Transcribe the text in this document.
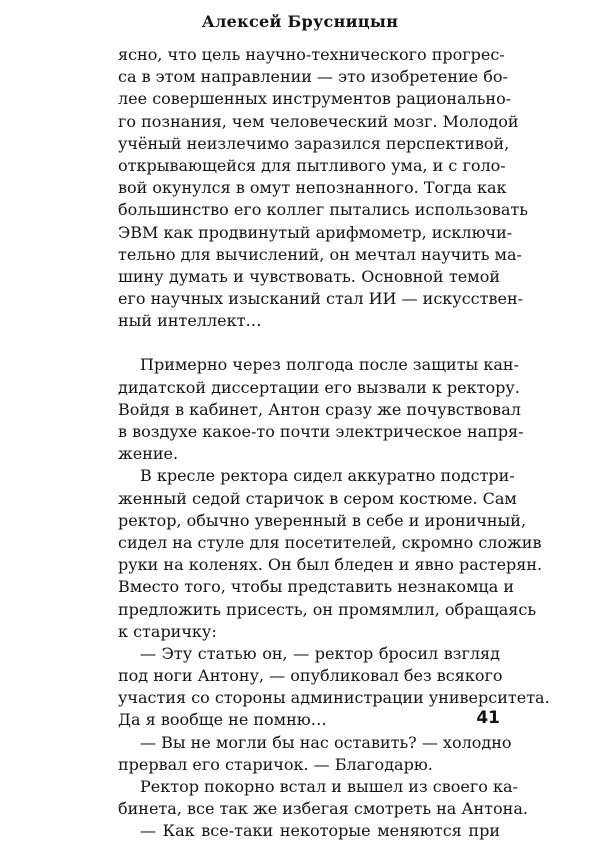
Алексей Брусницын
ясно, что цель научно-технического прогрес-
са в этом направлении — это изобретение бо-
лее совершенных инструментов рационально-
го познания, чем человеческий мозг. Молодой
учёный неизлечимо заразился перспективой,
открывающейся для пытливого ума, и с голо-
вой окунулся в омут непознанного. Тогда как
большинство его коллег пытались использовать
ЭВМ как продвинутый арифмометр, исключи-
тельно для вычислений, он мечтал научить ма-
шину думать и чувствовать. Основной темой
его научных изысканий стал ИИ — искусствен-
ный интеллект…
Примерно через полгода после защиты кан-
дидатской диссертации его вызвали к ректору.
Войдя в кабинет, Антон сразу же почувствовал
в воздухе какое-то почти электрическое напря-
жение.
В кресле ректора сидел аккуратно подстри-
женный седой старичок в сером костюме. Сам
ректор, обычно уверенный в себе и ироничный,
сидел на стуле для посетителей, скромно сложив
руки на коленях. Он был бледен и явно растерян.
Вместо того, чтобы представить незнакомца и
предложить присесть, он промямлил, обращаясь
к старичку:
— Эту статью он, — ректор бросил взгляд
под ноги Антону, — опубликовал без всякого
участия со стороны администрации университета.
Да я вообще не помню…
— Вы не могли бы нас оставить? — холодно
прервал его старичок. — Благодарю.
Ректор покорно встал и вышел из своего ка-
бинета, все так же избегая смотреть на Антона.
— Как все-таки некоторые меняются при
41
